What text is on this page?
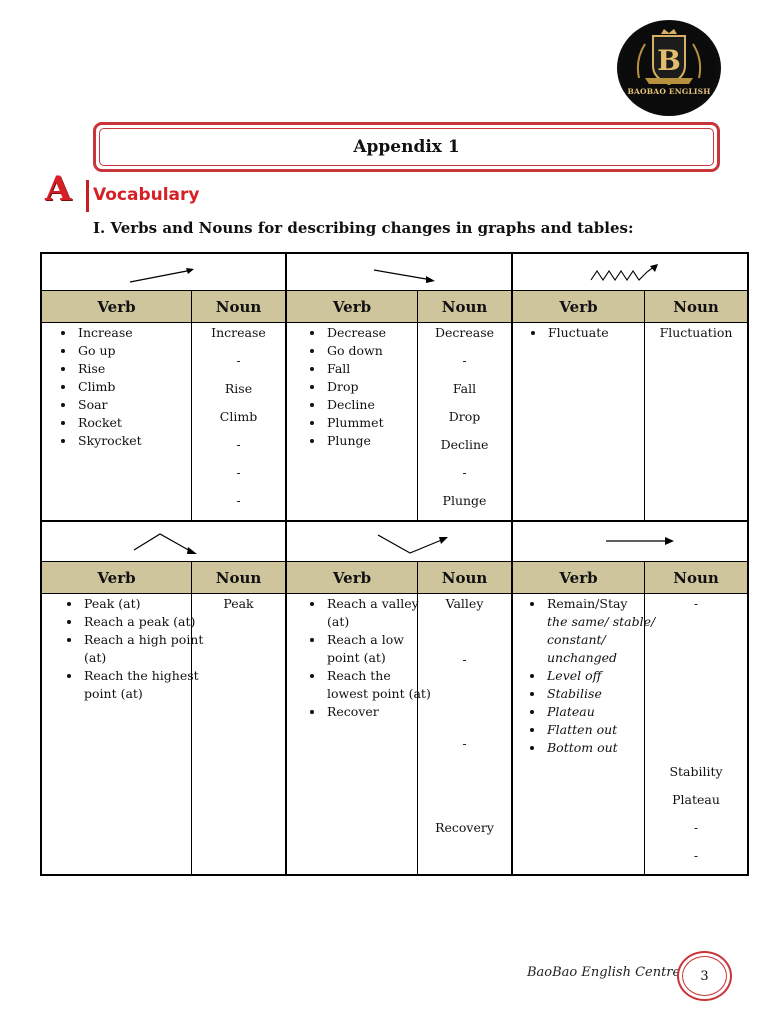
B
BAOBAO ENGLISH
Appendix 1
A Vocabulary
I. Verbs and Nouns for describing changes in graphs and tables:
Verb	Noun	Verb	Noun	Verb	Noun
Verb	Noun	Verb	Noun	Verb	Noun
• Increase
• Go up
• Rise
• Climb
• Soar
• Rocket
• Skyrocket
Increase
-
Rise
Climb
-
-
-
• Decrease
• Go down
• Fall
• Drop
• Decline
• Plummet
• Plunge
Decrease
-
Fall
Drop
Decline
-
Plunge
• Fluctuate	Fluctuation
• Peak (at)
• Reach a peak (at)
• Reach a high point (at)
• Reach the highest point (at)
Peak
•	Reach a valley (at)
• Reach a low point (at)
• Reach the lowest point (at)
• Recover
Valley
-
-
Recovery
• Remain/Stay
the same/ stable/ constant/ unchanged
• Level off
• Stabilise
• Plateau
• Flatten out
• Bottom out
-
Stability
Plateau
-
-
BaoBao English Centre	3
